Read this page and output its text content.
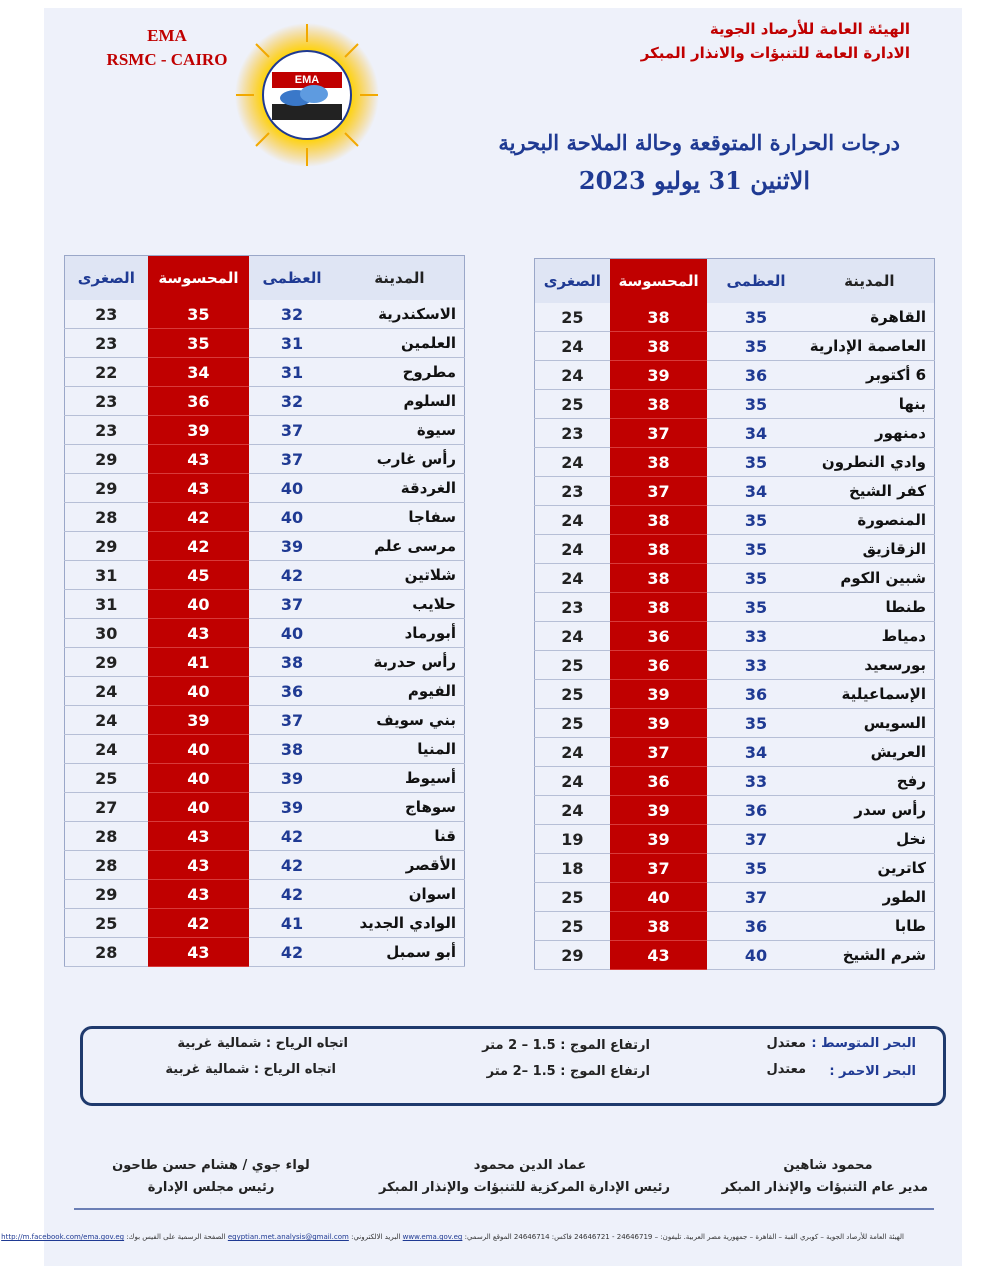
EMA
RSMC - CAIRO
EMA
الهيئة العامة للأرصاد الجوية
الادارة العامة للتنبؤات والانذار المبكر
درجات الحرارة المتوقعة وحالة الملاحة البحرية
الاثنين 31 يوليو 2023
المدينة	العظمى	المحسوسة	الصغرى
القاهرة	35	38	25
العاصمة الإدارية	35	38	24
6 أكتوبر	36	39	24
بنها	35	38	25
دمنهور	34	37	23
وادي النطرون	35	38	24
كفر الشيخ	34	37	23
المنصورة	35	38	24
الزقازيق	35	38	24
شبين الكوم	35	38	24
طنطا	35	38	23
دمياط	33	36	24
بورسعيد	33	36	25
الإسماعيلية	36	39	25
السويس	35	39	25
العريش	34	37	24
رفح	33	36	24
رأس سدر	36	39	24
نخل	37	39	19
كاترين	35	37	18
الطور	37	40	25
طابا	36	38	25
شرم الشيخ	40	43	29
المدينة	العظمى	المحسوسة	الصغرى
الاسكندرية	32	35	23
العلمين	31	35	23
مطروح	31	34	22
السلوم	32	36	23
سيوة	37	39	23
رأس غارب	37	43	29
الغردقة	40	43	29
سفاجا	40	42	28
مرسى علم	39	42	29
شلاتين	42	45	31
حلايب	37	40	31
أبورماد	40	43	30
رأس حدربة	38	41	29
الفيوم	36	40	24
بني سويف	37	39	24
المنيا	38	40	24
أسيوط	39	40	25
سوهاج	39	40	27
قنا	42	43	28
الأقصر	42	43	28
اسوان	42	43	29
الوادي الجديد	41	42	25
أبو سمبل	42	43	28
البحر المتوسط :
معتدل
ارتفاع الموج : 1.5 – 2 متر
اتجاه الرياح : شمالية غربية
البحر الاحمر :
معتدل
ارتفاع الموج : 1.5 –2 متر
اتجاه الرياح : شمالية غربية
محمود شاهين
مدير عام التنبؤات والإنذار المبكر
عماد الدين محمود
رئيس الإدارة المركزية للتنبؤات والإنذار المبكر
لواء جوي / هشام حسن طاحون
رئيس مجلس الإدارة
الهيئة العامة للأرصاد الجوية – كوبري القبة – القاهرة – جمهورية مصر العربية. تليفون: – 24646719 - 24646721 فاكس: 24646714 الموقع الرسمي: www.ema.gov.eg البريد الالكتروني: egyptian.met.analysis@gmail.com الصفحة الرسمية على الفيس بوك: http://m.facebook.com/ema.gov.eg
